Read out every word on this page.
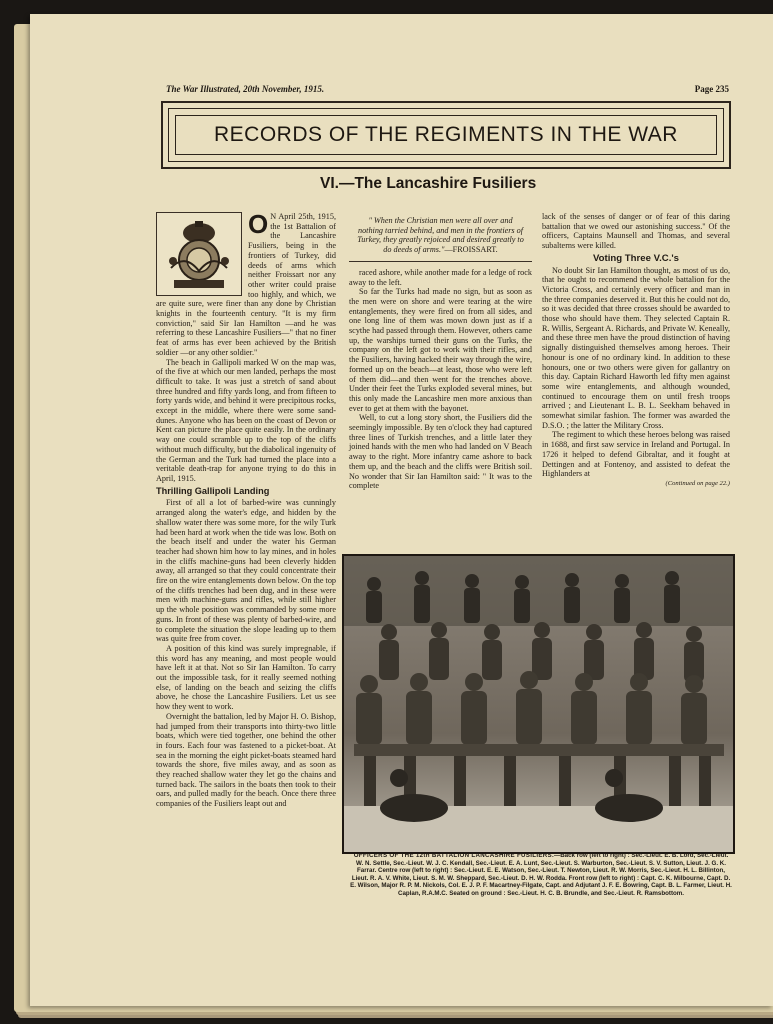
The War Illustrated, 20th November, 1915.	Page 235
RECORDS OF THE REGIMENTS IN THE WAR
VI.—The Lancashire Fusiliers
O N April 25th, 1915, the 1st Battalion of the Lancashire Fusiliers, being in the frontiers of Turkey, did deeds of arms which neither Froissart nor any other writer could praise too highly, and which, we are quite sure, were finer than any done by Christian knights in the fourteenth century. "It is my firm conviction," said Sir Ian Hamilton —and he was referring to these Lancashire Fusiliers—" that no finer feat of arms has ever been achieved by the British soldier —or any other soldier."

The beach in Gallipoli marked W on the map was, of the five at which our men landed, perhaps the most difficult to take. It was just a stretch of sand about three hundred and fifty yards long, and from fifteen to forty yards wide, and behind it were precipitous rocks, except in the middle, where there were some sand-dunes. Anyone who has been on the coast of Devon or Kent can picture the place quite easily. In the ordinary way one could scramble up to the top of the cliffs without much difficulty, but the diabolical ingenuity of the German and the Turk had turned the place into a veritable death-trap for anyone trying to do this in April, 1915.

Thrilling Gallipoli Landing

First of all a lot of barbed-wire was cunningly arranged along the water's edge, and hidden by the shallow water there was some more, for the wily Turk had been hard at work when the tide was low. Both on the beach itself and under the water his German teacher had shown him how to lay mines, and in holes in the cliffs machine-guns had been cleverly hidden away, all arranged so that they could concentrate their fire on the wire entanglements down below. On the top of the cliffs trenches had been dug, and in these were men with machine-guns and rifles, while still higher up the whole position was commanded by some more guns. In front of these was plenty of barbed-wire, and to complete the situation the slope leading up to them was quite free from cover.

A position of this kind was surely impregnable, if this word has any meaning, and most people would have left it at that. Not so Sir Ian Hamilton. To carry out the impossible task, for it really seemed nothing else, of landing on the beach and seizing the cliffs above, he chose the Lancashire Fusiliers. Let us see how they went to work.

Overnight the battalion, led by Major H. O. Bishop, had jumped from their transports into thirty-two little boats, which were tied together, one behind the other in fours. Each four was fastened to a picket-boat. At sea in the morning the eight picket-boats steamed hard towards the shore, five miles away, and as soon as they reached shallow water they let go the chains and turned back. The sailors in the boats then took to their oars, and pulled madly for the beach. Once there three companies of the Fusiliers leapt out and

" When the Christian men were all over and nothing tarried behind, and men in the frontiers of Turkey, they greatly rejoiced and desired greatly to do deeds of arms."—FROISSART.

raced ashore, while another made for a ledge of rock away to the left.

So far the Turks had made no sign, but as soon as the men were on shore and were tearing at the wire entanglements, they were fired on from all sides, and one long line of them was mown down just as if a scythe had passed through them. However, others came up, the warships turned their guns on the Turks, the company on the left got to work with their rifles, and the Fusiliers, having hacked their way through the wire, formed up on the beach—at least, those who were left of them did—and then went for the trenches above. Under their feet the Turks exploded several mines, but this only made the Lancashire men more anxious than ever to get at them with the bayonet.

Well, to cut a long story short, the Fusiliers did the seemingly impossible. By ten o'clock they had captured three lines of Turkish trenches, and a little later they joined hands with the men who had landed on V Beach away to the right. More infantry came ashore to back them up, and the beach and the cliffs were British soil. No wonder that Sir Ian Hamilton said: " It was to the complete

lack of the senses of danger or of fear of this daring battalion that we owed our astonishing success." Of the officers, Captains Maunsell and Thomas, and several subalterns were killed.

Voting Three V.C.'s

No doubt Sir Ian Hamilton thought, as most of us do, that he ought to recommend the whole battalion for the Victoria Cross, and certainly every officer and man in the three companies deserved it. But this he could not do, so it was decided that three crosses should be awarded to those who should have them. They selected Captain R. R. Willis, Sergeant A. Richards, and Private W. Keneally, and these three men have the proud distinction of having signally distinguished themselves among heroes. Their honour is one of no ordinary kind. In addition to these honours, one or two others were given for gallantry on this day. Captain Richard Haworth led fifty men against some wire entanglements, and although wounded, continued to encourage them on until fresh troops arrived ; and Lieutenant L. B. L. Seekham behaved in somewhat similar fashion. The former was awarded the D.S.O. ; the latter the Military Cross.

The regiment to which these heroes belong was raised in 1688, and first saw service in Ireland and Portugal. In 1726 it helped to defend Gibraltar, and it fought at Dettingen and at Fontenoy, and assisted to defeat the Highlanders at

(Continued on page 22.)
OFFICERS OF THE 12th BATTALION LANCASHIRE FUSILIERS.—Back row (left to right) : Sec.-Lieut. E. B. Lord, Sec.-Lieut. W. N. Settle, Sec.-Lieut. W. J. C. Kendall, Sec.-Lieut. E. A. Lunt, Sec.-Lieut. S. Warburton, Sec.-Lieut. S. V. Sutton, Lieut. J. G. K. Farrar. Centre row (left to right) : Sec.-Lieut. E. E. Watson, Sec.-Lieut. T. Newton, Lieut. R. W. Morris, Sec.-Lieut. H. L. Billinton, Lieut. R. A. V. White, Lieut. S. M. W. Sheppard, Sec.-Lieut. D. H. W. Rodda. Front row (left to right) : Capt. C. K. Milbourne, Capt. D. E. Wilson, Major R. P. M. Nickols, Col. E. J. P. F. Macartney-Filgate, Capt. and Adjutant J. F. E. Bowring, Capt. B. L. Farmer, Lieut. H. Caplan, R.A.M.C. Seated on ground : Sec.-Lieut. H. C. B. Brundle, and Sec.-Lieut. R. Ramsbottom.
